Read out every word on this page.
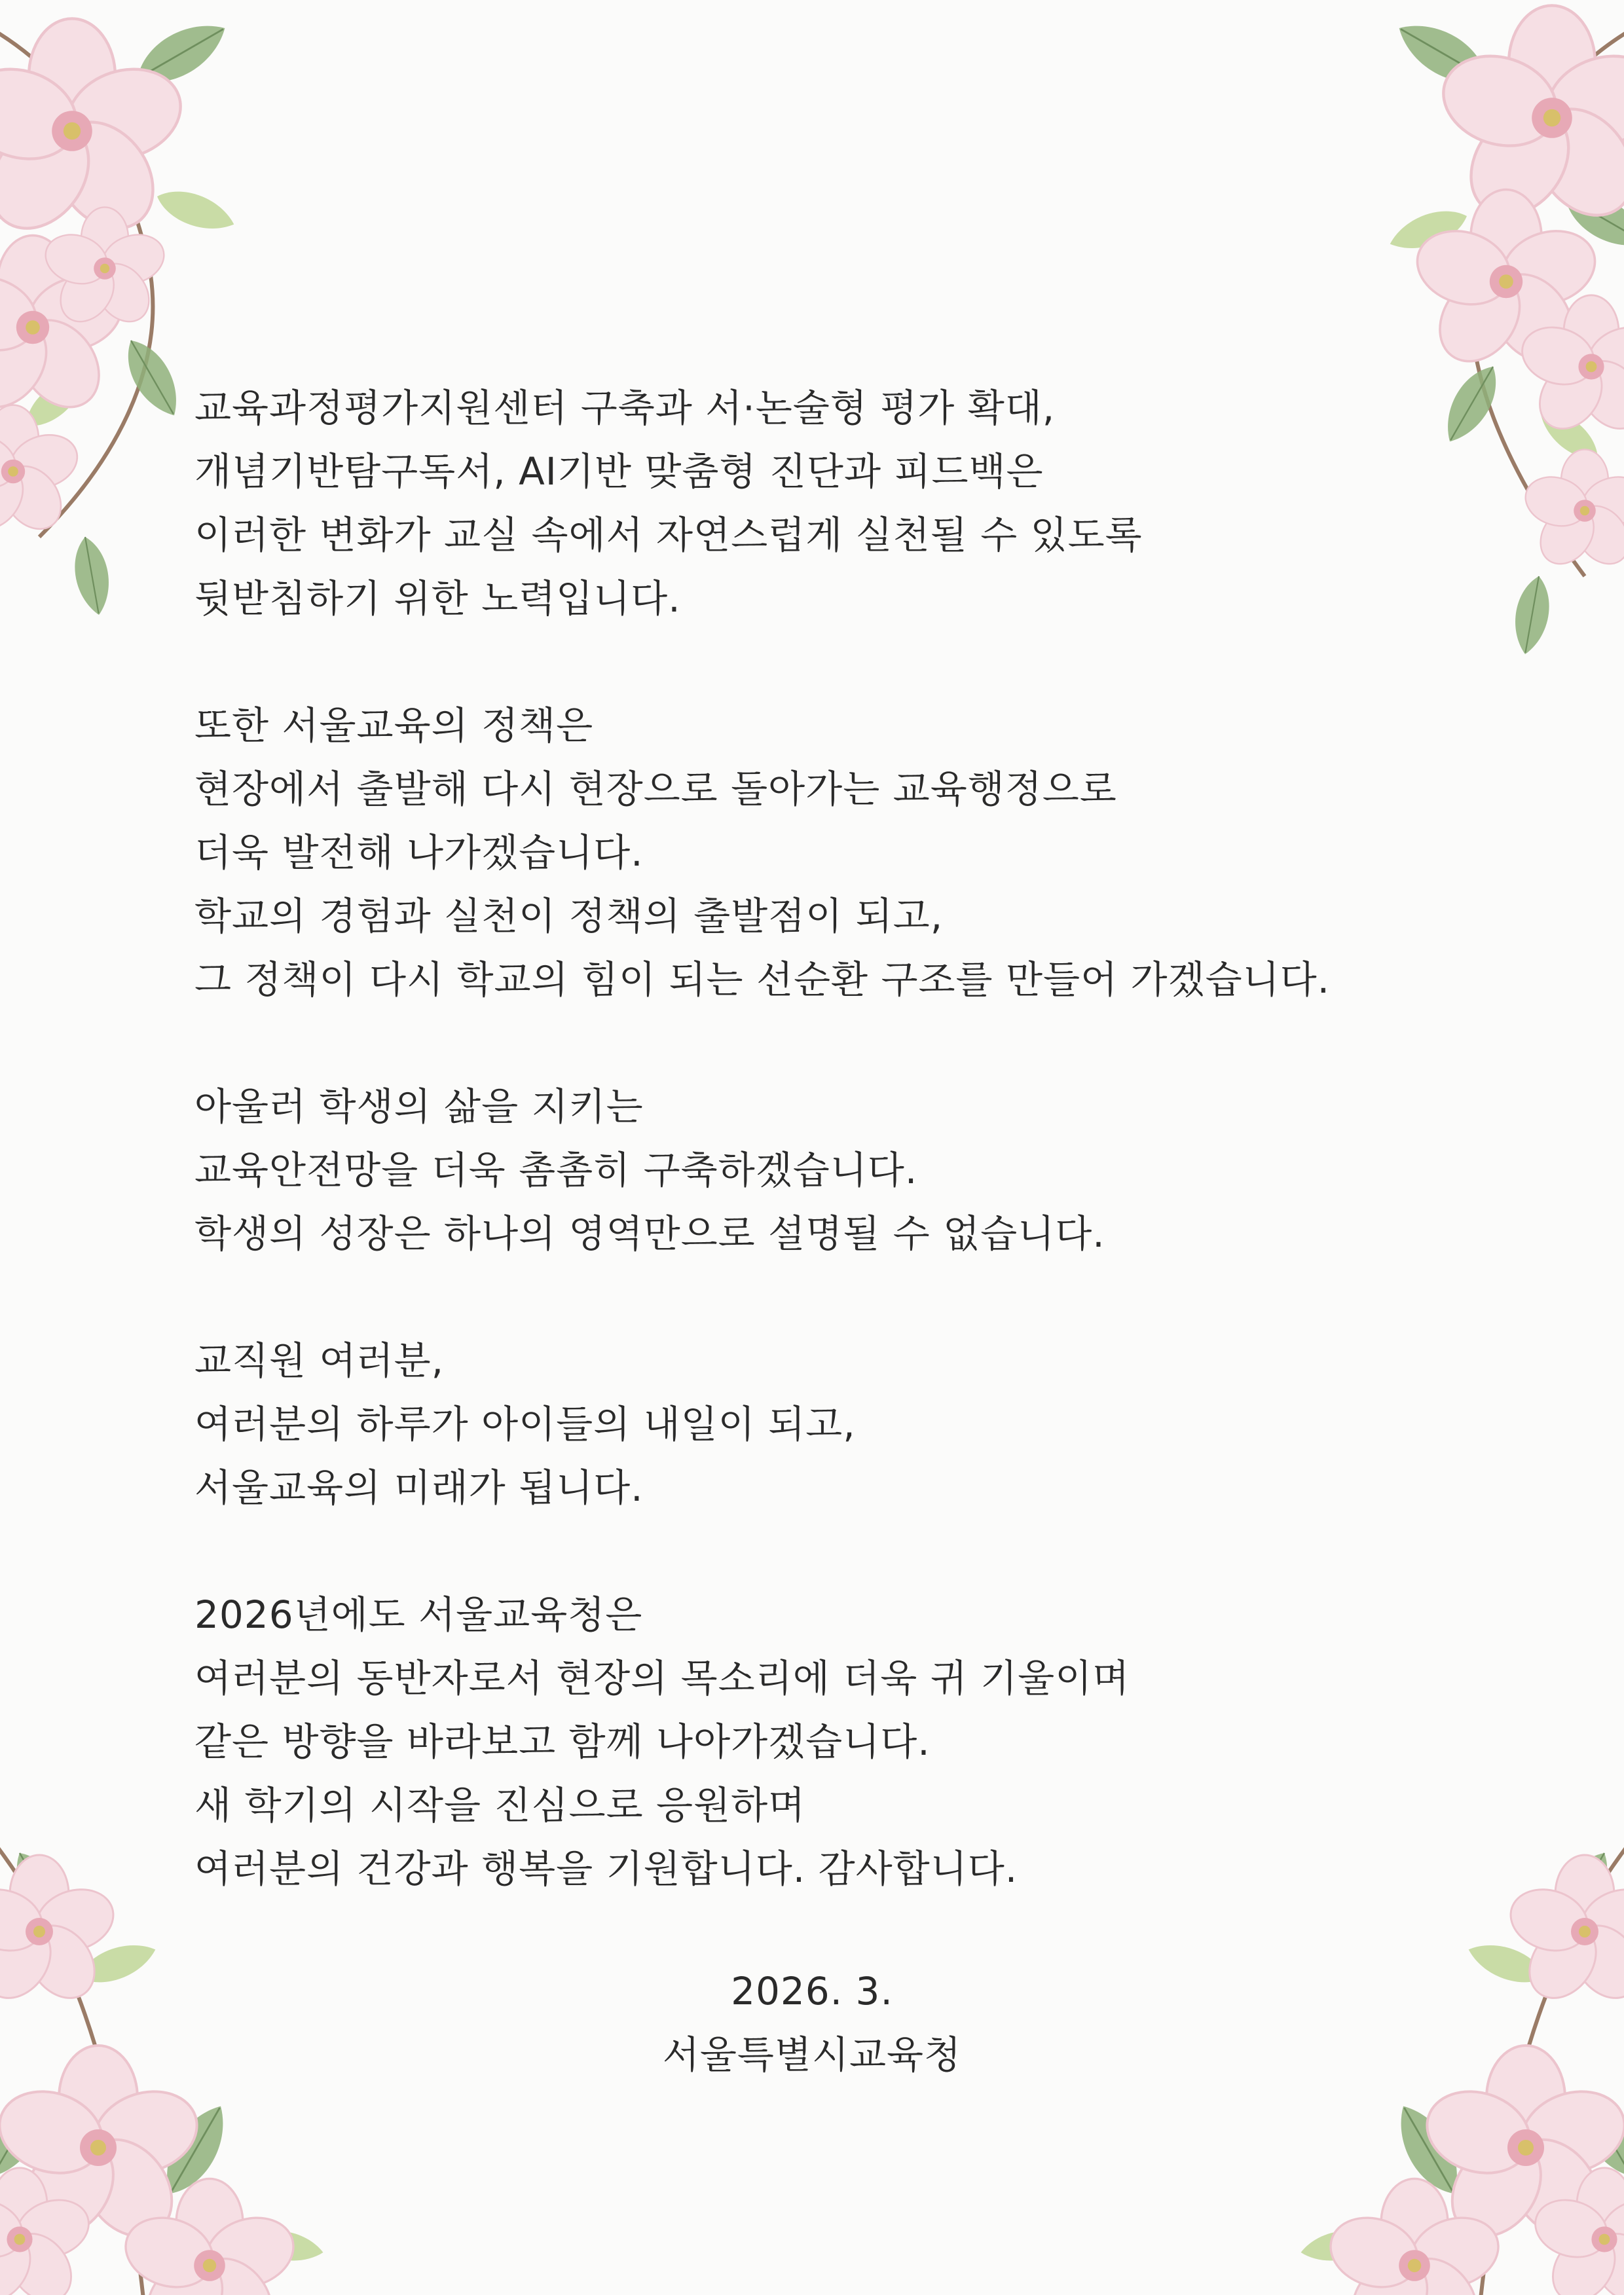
교육과정평가지원센터 구축과 서·논술형 평가 확대,
개념기반탐구독서, AI기반 맞춤형 진단과 피드백은
이러한 변화가 교실 속에서 자연스럽게 실천될 수 있도록
뒷받침하기 위한 노력입니다.
또한 서울교육의 정책은
현장에서 출발해 다시 현장으로 돌아가는 교육행정으로
더욱 발전해 나가겠습니다.
학교의 경험과 실천이 정책의 출발점이 되고,
그 정책이 다시 학교의 힘이 되는 선순환 구조를 만들어 가겠습니다.
아울러 학생의 삶을 지키는
교육안전망을 더욱 촘촘히 구축하겠습니다.
학생의 성장은 하나의 영역만으로 설명될 수 없습니다.
교직원 여러분,
여러분의 하루가 아이들의 내일이 되고,
서울교육의 미래가 됩니다.
2026년에도 서울교육청은
여러분의 동반자로서 현장의 목소리에 더욱 귀 기울이며
같은 방향을 바라보고 함께 나아가겠습니다.
새 학기의 시작을 진심으로 응원하며
여러분의 건강과 행복을 기원합니다. 감사합니다.
2026. 3.
서울특별시교육청
